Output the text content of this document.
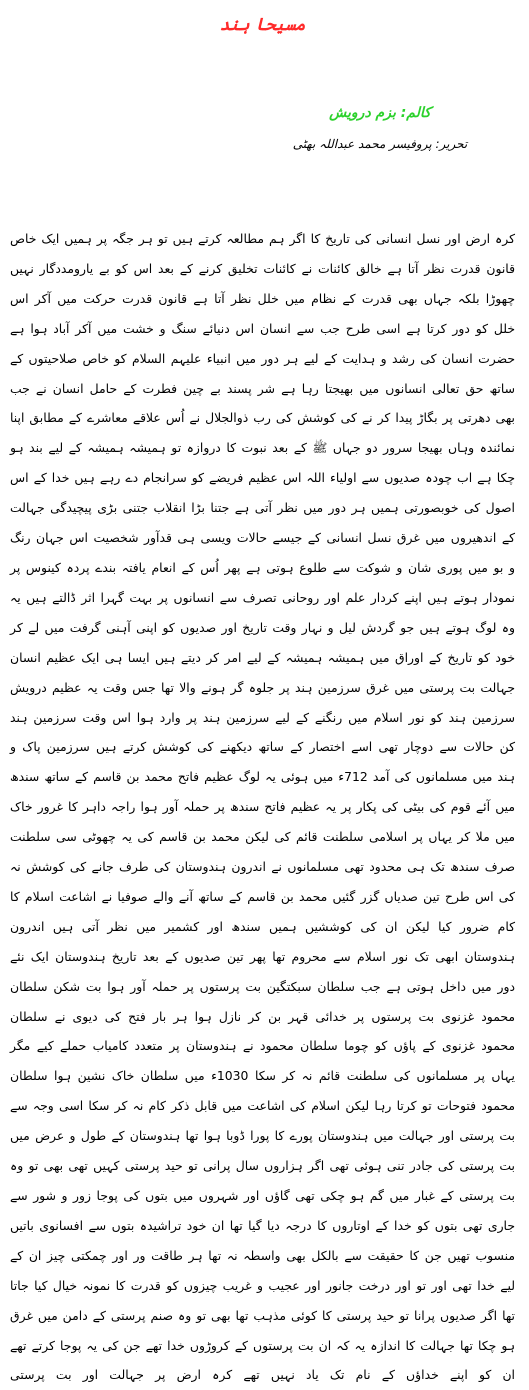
مسیحا ہند
کالم: بزم درویش
تحریر: پروفیسر محمد عبداللہ بھٹی

کرہ ارض اور نسل انسانی کی تاریخ کا اگر ہم مطالعہ کرتے ہیں تو ہر جگہ پر ہمیں ایک خاص قانون قدرت نظر آتا ہے خالق کائنات نے کائنات تخلیق کرنے کے بعد اس کو بے یارومددگار نہیں چھوڑا بلکہ جہاں بھی قدرت کے نظام میں خلل نظر آتا ہے قانون قدرت حرکت میں آکر اس خلل کو دور کرتا ہے اسی طرح جب سے انسان اس دنیائے سنگ و خشت میں آکر آباد ہوا ہے حضرت انسان کی رشد و ہدایت کے لیے ہر دور میں انبیاء علیہم السلام کو خاص صلاحیتوں کے ساتھ حق تعالی انسانوں میں بھیجتا رہا ہے شر پسند بے چین فطرت کے حامل انسان نے جب بھی دھرتی پر بگاڑ پیدا کر نے کی کوشش کی رب ذوالجلال نے اُس علاقے معاشرے کے مطابق اپنا نمائندہ وہاں بھیجا سرور دو جہاں ﷺ کے بعد نبوت کا دروازہ تو ہمیشہ ہمیشہ کے لیے بند ہو چکا ہے اب چودہ صدیوں سے اولیاء اللہ اس عظیم فریضے کو سرانجام دے رہے ہیں خدا کے اس اصول کی خوبصورتی ہمیں ہر دور میں نظر آتی ہے جتنا بڑا انقلاب جتنی بڑی پیچیدگی جہالت کے اندھیروں میں غرق نسل انسانی کے جیسے حالات ویسی ہی قدآور شخصیت اس جہان رنگ و بو میں پوری شان و شوکت سے طلوع ہوتی ہے پھر اُس کے انعام یافتہ بندے پردہ کینوس پر نمودار ہوتے ہیں اپنے کردار علم اور روحانی تصرف سے انسانوں پر بہت گہرا اثر ڈالتے ہیں یہ وہ لوگ ہوتے ہیں جو گردش لیل و نہار وقت تاریخ اور صدیوں کو اپنی آہنی گرفت میں لے کر خود کو تاریخ کے اوراق میں ہمیشہ ہمیشہ کے لیے امر کر دیتے ہیں ایسا ہی ایک عظیم انسان جہالت بت پرستی میں غرق سرزمین ہند پر جلوہ گر ہونے والا تھا جس وقت یہ عظیم درویش سرزمین ہند کو نور اسلام میں رنگنے کے لیے سرزمین ہند پر وارد ہوا اس وقت سرزمین ہند کن حالات سے دوچار تھی اسے اختصار کے ساتھ دیکھنے کی کوشش کرتے ہیں سرزمین پاک و ہند میں مسلمانوں کی آمد 712ء میں ہوئی یہ لوگ عظیم فاتح محمد بن قاسم کے ساتھ سندھ میں آئے قوم کی بیٹی کی پکار پر یہ عظیم فاتح سندھ پر حملہ آور ہوا راجہ داہر کا غرور خاک میں ملا کر یہاں پر اسلامی سلطنت قائم کی لیکن محمد بن قاسم کی یہ چھوٹی سی سلطنت صرف سندھ تک ہی محدود تھی مسلمانوں نے اندرون ہندوستان کی طرف جانے کی کوشش نہ کی اس طرح تین صدیاں گزر گئیں محمد بن قاسم کے ساتھ آنے والے صوفیا نے اشاعت اسلام کا کام ضرور کیا لیکن ان کی کوششیں ہمیں سندھ اور کشمیر میں نظر آتی ہیں اندرون ہندوستان ابھی تک نور اسلام سے محروم تھا پھر تین صدیوں کے بعد تاریخ ہندوستان ایک نئے دور میں داخل ہوتی ہے جب سلطان سبکتگین بت پرستوں پر حملہ آور ہوا بت شکن سلطان محمود غزنوی بت پرستوں پر خدائی قہر بن کر نازل ہوا ہر بار فتح کی دیوی نے سلطان محمود غزنوی کے پاؤں کو چوما سلطان محمود نے ہندوستان پر متعدد کامیاب حملے کیے مگر یہاں پر مسلمانوں کی سلطنت قائم نہ کر سکا 1030ء میں سلطان خاک نشین ہوا سلطان محمود فتوحات تو کرتا رہا لیکن اسلام کی اشاعت میں قابل ذکر کام نہ کر سکا اسی وجہ سے بت پرستی اور جہالت میں ہندوستان پورے کا پورا ڈوبا ہوا تھا ہندوستان کے طول و عرض میں بت پرستی کی جادر تنی ہوئی تھی اگر ہزاروں سال پرانی تو حید پرستی کہیں تھی بھی تو وہ بت پرستی کے غبار میں گم ہو چکی تھی گاؤں اور شہروں میں بتوں کی پوجا زور و شور سے جاری تھی بتوں کو خدا کے اوتاروں کا درجہ دیا گیا تھا ان خود تراشیدہ بتوں سے افسانوی باتیں منسوب تھیں جن کا حقیقت سے بالکل بھی واسطہ نہ تھا ہر طاقت ور اور چمکتی چیز ان کے لیے خدا تھی اور تو اور درخت جانور اور عجیب و غریب چیزوں کو قدرت کا نمونہ خیال کیا جاتا تھا اگر صدیوں پرانا تو حید پرستی کا کوئی مذہب تھا بھی تو وہ صنم پرستی کے دامن میں غرق ہو چکا تھا جہالت کا اندازہ یہ کہ ان بت پرستوں کے کروڑوں خدا تھے جن کی یہ پوجا کرتے تھے ان کو اپنے خداؤں کے نام تک یاد نہیں تھے کرہ ارض پر جہالت اور بت پرستی
